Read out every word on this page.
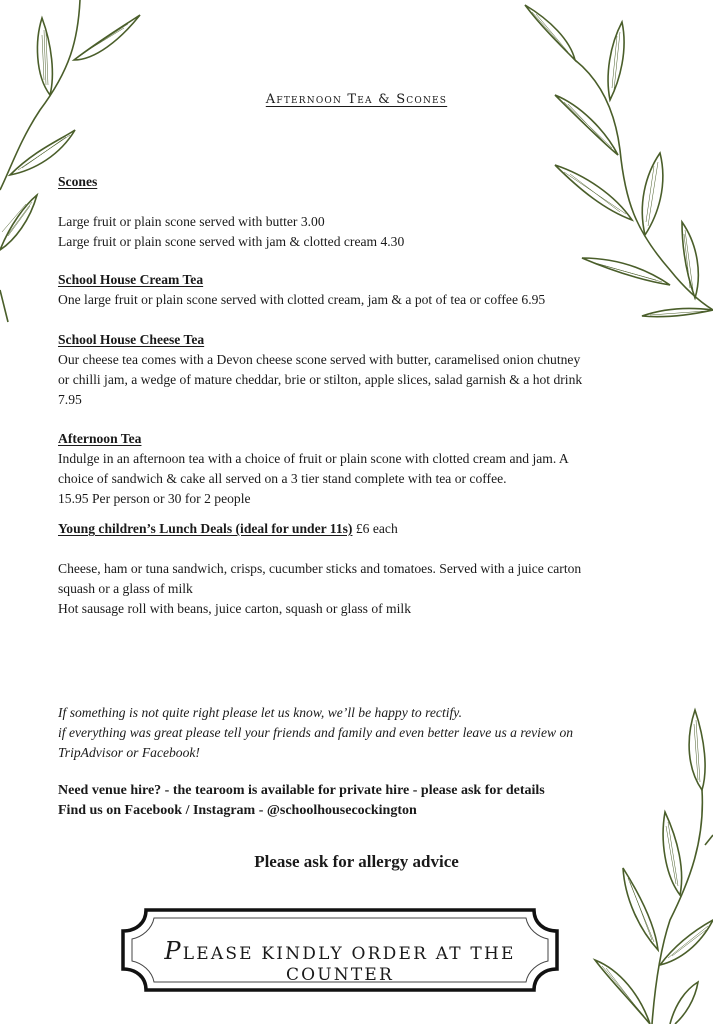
Afternoon Tea & Scones
Scones
Large fruit or plain scone served with butter 3.00
Large fruit or plain scone served with jam & clotted cream 4.30
School House Cream Tea
One large fruit or plain scone served with clotted cream, jam & a pot of tea or coffee 6.95
School House Cheese Tea
Our cheese tea comes with a Devon cheese scone served with butter, caramelised onion chutney
or chilli jam, a wedge of mature cheddar, brie or stilton, apple slices, salad garnish & a hot drink
7.95
Afternoon Tea
Indulge in an afternoon tea with a choice of fruit or plain scone with clotted cream and jam. A
choice of sandwich & cake all served on a 3 tier stand complete with tea or coffee.
15.95 Per person or 30 for 2 people
Young children’s Lunch Deals (ideal for under 11s) £6 each
Cheese, ham or tuna sandwich, crisps, cucumber sticks and tomatoes. Served with a juice carton
squash or a glass of milk
Hot sausage roll with beans, juice carton, squash or glass of milk
If something is not quite right please let us know, we’ll be happy to rectify.
if everything was great please tell your friends and family and even better leave us a review on
TripAdvisor or Facebook!
Need venue hire? - the tearoom is available for private hire - please ask for details
Find us on Facebook / Instagram - @schoolhousecockington
Please ask for allergy advice
PLEASE KINDLY ORDER AT THE COUNTER
